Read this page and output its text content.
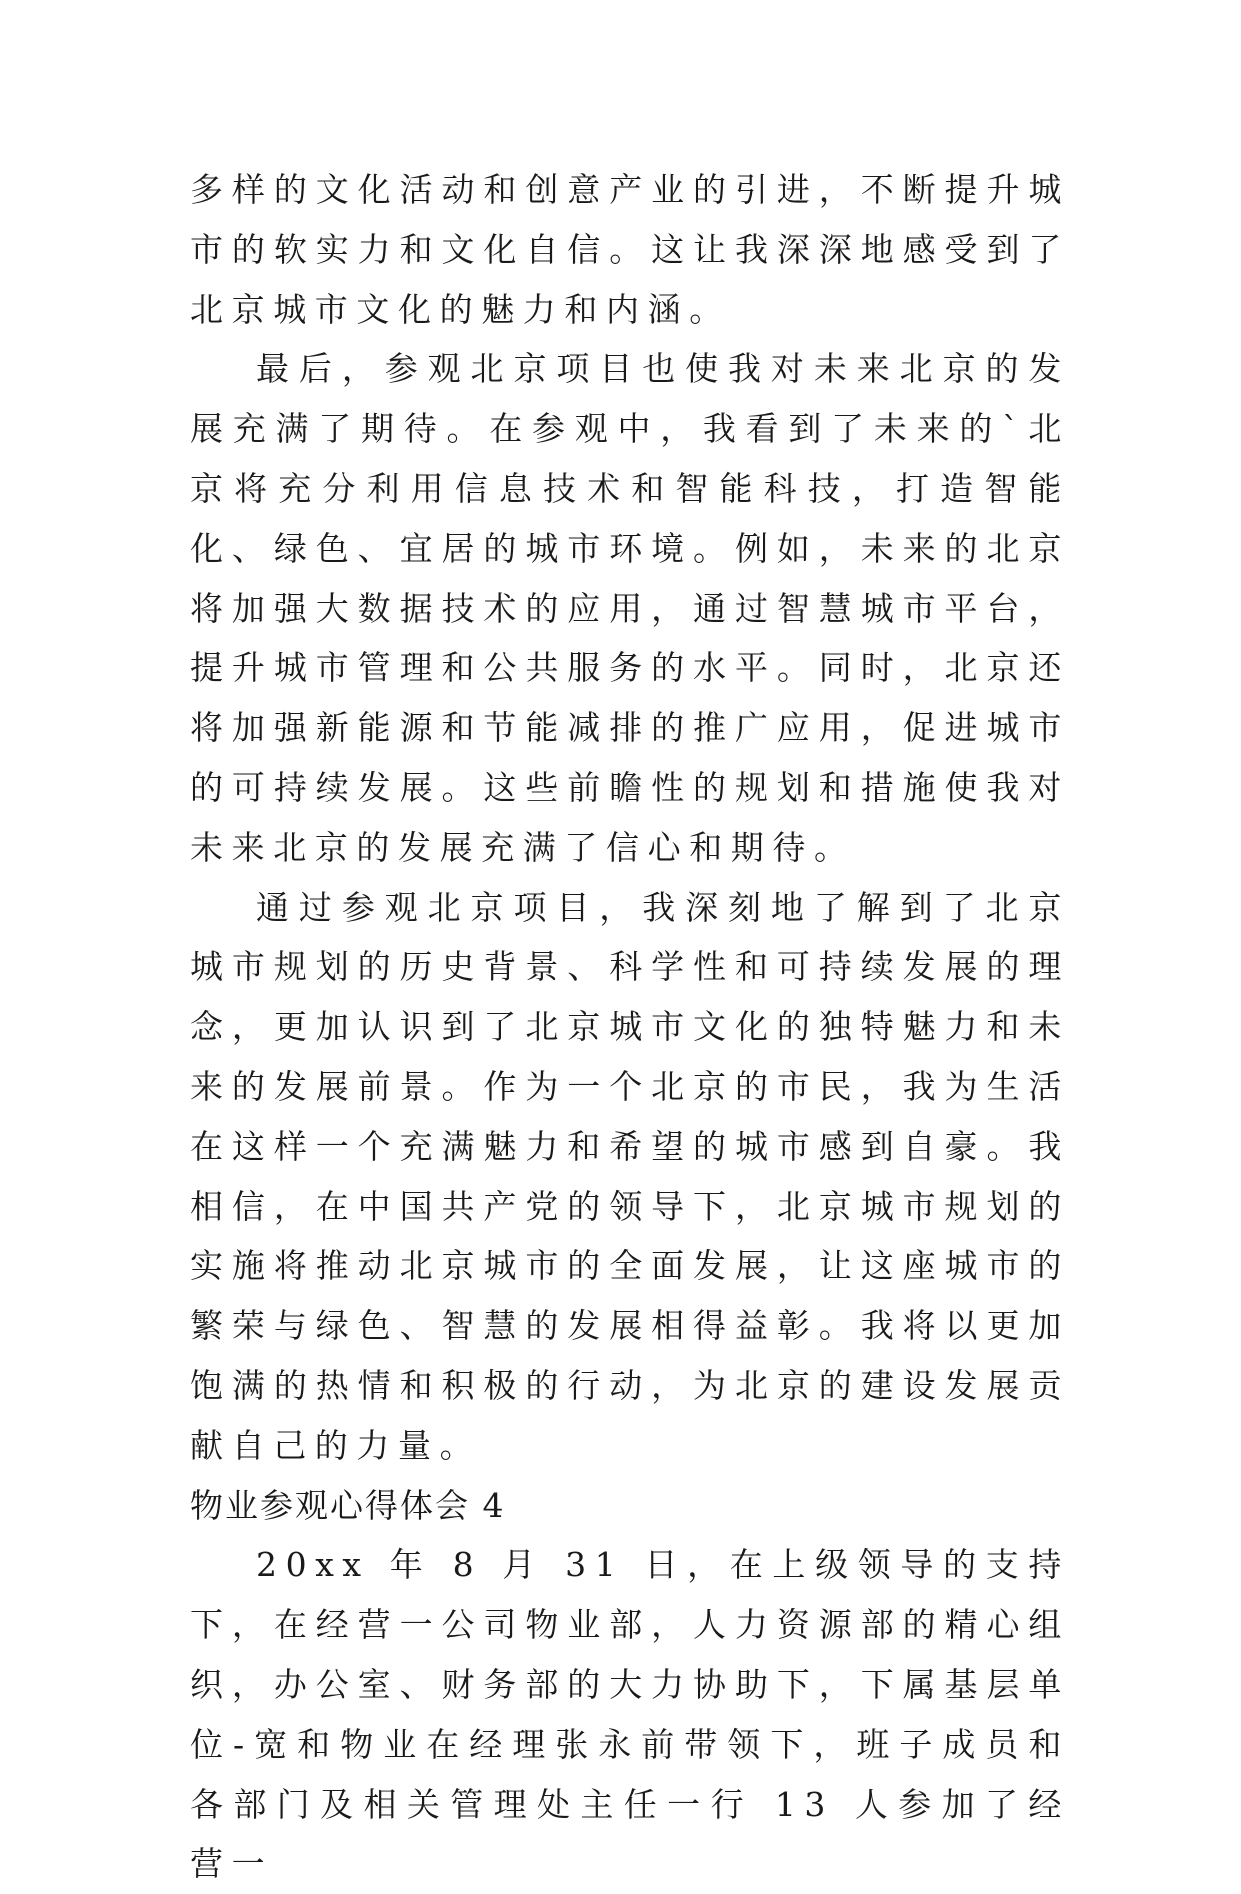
多样的文化活动和创意产业的引进，不断提升城市的软实力和文化自信。这让我深深地感受到了北京城市文化的魅力和内涵。

最后，参观北京项目也使我对未来北京的发展充满了期待。在参观中，我看到了未来的`北京将充分利用信息技术和智能科技，打造智能化、绿色、宜居的城市环境。例如，未来的北京将加强大数据技术的应用，通过智慧城市平台，提升城市管理和公共服务的水平。同时，北京还将加强新能源和节能减排的推广应用，促进城市的可持续发展。这些前瞻性的规划和措施使我对未来北京的发展充满了信心和期待。

通过参观北京项目，我深刻地了解到了北京城市规划的历史背景、科学性和可持续发展的理念，更加认识到了北京城市文化的独特魅力和未来的发展前景。作为一个北京的市民，我为生活在这样一个充满魅力和希望的城市感到自豪。我相信，在中国共产党的领导下，北京城市规划的实施将推动北京城市的全面发展，让这座城市的繁荣与绿色、智慧的发展相得益彰。我将以更加饱满的热情和积极的行动，为北京的建设发展贡献自己的力量。

物业参观心得体会 4

20xx 年 8 月 31 日，在上级领导的支持下，在经营一公司物业部，人力资源部的精心组织，办公室、财务部的大力协助下，下属基层单位-宽和物业在经理张永前带领下，班子成员和各部门及相关管理处主任一行 13 人参加了经营一
